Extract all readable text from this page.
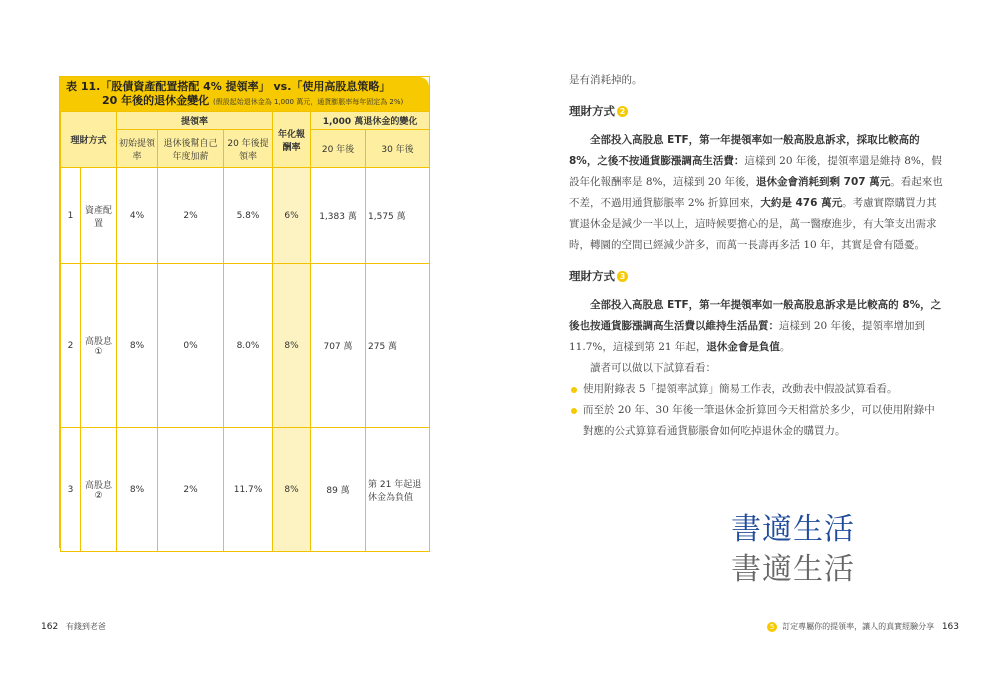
表 11.「股債資產配置搭配 4% 提領率」 vs.「使用高股息策略」
20 年後的退休金變化 (假設起始退休金為 1,000 萬元，通貨膨脹率每年固定為 2%)
理財方式		提領率			年化報酬率	1,000 萬退休金的變化	
		初始提領率	退休後幫自己年度加薪	20 年後提領率		20 年後	30 年後
1	資產配置	4%	2%	5.8%	6%	1,383 萬	1,575 萬
2	高股息①	8%	0%	8.0%	8%	707 萬	275 萬
3	高股息②	8%	2%	11.7%	8%	89 萬	第 21 年起退休金為負值

是有消耗掉的。

理財方式 2

全部投入高股息 ETF，第一年提領率如一般高股息訴求，採取比較高的 8%，之後不按通貨膨漲調高生活費：這樣到 20 年後，提領率還是維持 8%，假設年化報酬率是 8%，這樣到 20 年後，退休金會消耗到剩 707 萬元。看起來也不差，不過用通貨膨脹率 2% 折算回來，大約是 476 萬元。考慮實際購買力其實退休金是減少一半以上，這時候要擔心的是，萬一醫療進步，有大筆支出需求時，轉圜的空間已經減少許多，而萬一長壽再多活 10 年，其實是會有隱憂。

理財方式 3

全部投入高股息 ETF，第一年提領率如一般高股息訴求是比較高的 8%，之後也按通貨膨漲調高生活費以維持生活品質：這樣到 20 年後，提領率增加到 11.7%，這樣到第 21 年起，退休金會是負值。

讀者可以做以下試算看看：

使用附錄表 5「提領率試算」簡易工作表，改動表中假設試算看看。

而至於 20 年、30 年後一筆退休金折算回今天相當於多少，可以使用附錄中對應的公式算算看通貨膨脹會如何吃掉退休金的購買力。

書適生活
書適生活
162 有錢到老爸	5 訂定專屬你的提領率，讓人的真實經驗分享 163
